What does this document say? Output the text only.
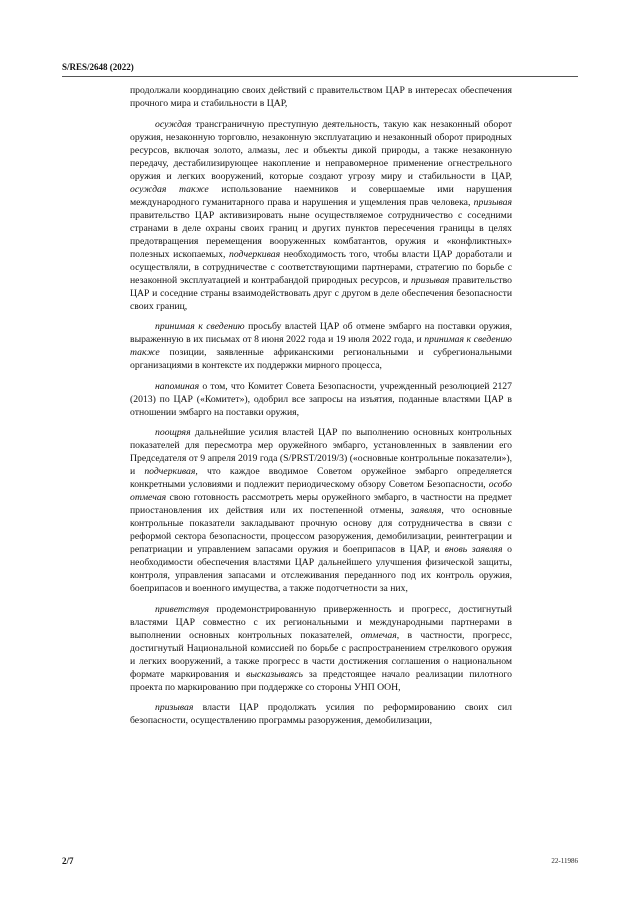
S/RES/2648 (2022)

продолжали координацию своих действий с правительством ЦАР в интересах обеспечения прочного мира и стабильности в ЦАР,

осуждая трансграничную преступную деятельность, такую как незаконный оборот оружия, незаконную торговлю, незаконную эксплуатацию и незаконный оборот природных ресурсов, включая золото, алмазы, лес и объекты дикой природы, а также незаконную передачу, дестабилизирующее накопление и неправомерное применение огнестрельного оружия и легких вооружений, которые создают угрозу миру и стабильности в ЦАР, осуждая также использование наемников и совершаемые ими нарушения международного гуманитарного права и нарушения и ущемления прав человека, призывая правительство ЦАР активизировать ныне осуществляемое сотрудничество с соседними странами в деле охраны своих границ и других пунктов пересечения границы в целях предотвращения перемещения вооруженных комбатантов, оружия и «конфликтных» полезных ископаемых, подчеркивая необходимость того, чтобы власти ЦАР доработали и осуществляли, в сотрудничестве с соответствующими партнерами, стратегию по борьбе с незаконной эксплуатацией и контрабандой природных ресурсов, и призывая правительство ЦАР и соседние страны взаимодействовать друг с другом в деле обеспечения безопасности своих границ,

принимая к сведению просьбу властей ЦАР об отмене эмбарго на поставки оружия, выраженную в их письмах от 8 июня 2022 года и 19 июля 2022 года, и принимая к сведению также позиции, заявленные африканскими региональными и субрегиональными организациями в контексте их поддержки мирного процесса,

напоминая о том, что Комитет Совета Безопасности, учрежденный резолюцией 2127 (2013) по ЦАР («Комитет»), одобрил все запросы на изъятия, поданные властями ЦАР в отношении эмбарго на поставки оружия,

поощряя дальнейшие усилия властей ЦАР по выполнению основных контрольных показателей для пересмотра мер оружейного эмбарго, установленных в заявлении его Председателя от 9 апреля 2019 года (S/PRST/2019/3) («основные контрольные показатели»), и подчеркивая, что каждое вводимое Советом оружейное эмбарго определяется конкретными условиями и подлежит периодическому обзору Советом Безопасности, особо отмечая свою готовность рассмотреть меры оружейного эмбарго, в частности на предмет приостановления их действия или их постепенной отмены, заявляя, что основные контрольные показатели закладывают прочную основу для сотрудничества в связи с реформой сектора безопасности, процессом разоружения, демобилизации, реинтеграции и репатриации и управлением запасами оружия и боеприпасов в ЦАР, и вновь заявляя о необходимости обеспечения властями ЦАР дальнейшего улучшения физической защиты, контроля, управления запасами и отслеживания переданного под их контроль оружия, боеприпасов и военного имущества, а также подотчетности за них,

приветствуя продемонстрированную приверженность и прогресс, достигнутый властями ЦАР совместно с их региональными и международными партнерами в выполнении основных контрольных показателей, отмечая, в частности, прогресс, достигнутый Национальной комиссией по борьбе с распространением стрелкового оружия и легких вооружений, а также прогресс в части достижения соглашения о национальном формате маркирования и высказываясь за предстоящее начало реализации пилотного проекта по маркированию при поддержке со стороны УНП ООН,

призывая власти ЦАР продолжать усилия по реформированию своих сил безопасности, осуществлению программы разоружения, демобилизации,

2/7	22-11986
